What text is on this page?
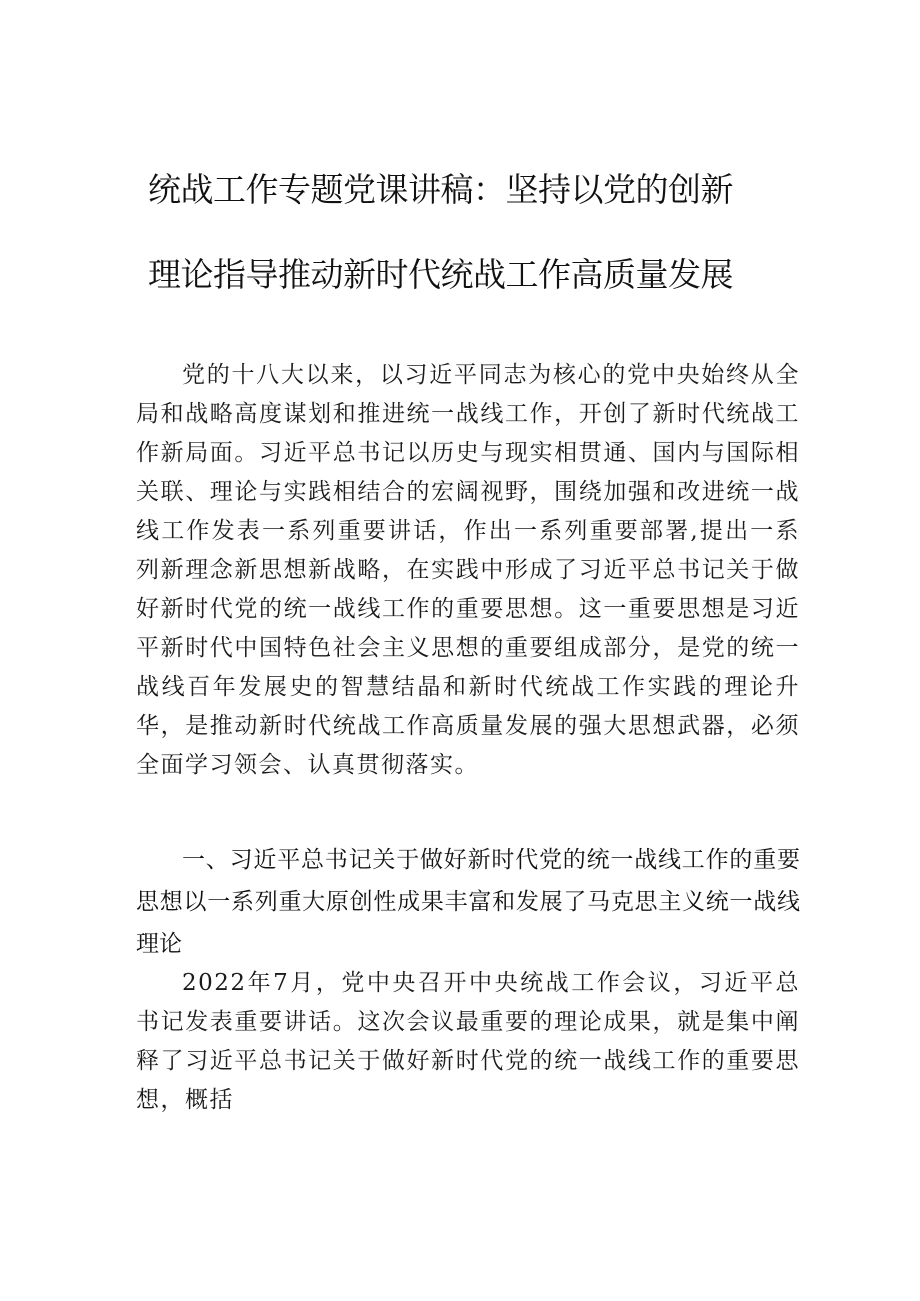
统战工作专题党课讲稿：坚持以党的创新
理论指导推动新时代统战工作高质量发展

党的十八大以来，以习近平同志为核心的党中央始终从全局和战略高度谋划和推进统一战线工作，开创了新时代统战工作新局面。习近平总书记以历史与现实相贯通、国内与国际相关联、理论与实践相结合的宏阔视野，围绕加强和改进统一战线工作发表一系列重要讲话，作出一系列重要部署,提出一系列新理念新思想新战略，在实践中形成了习近平总书记关于做好新时代党的统一战线工作的重要思想。这一重要思想是习近平新时代中国特色社会主义思想的重要组成部分，是党的统一战线百年发展史的智慧结晶和新时代统战工作实践的理论升华，是推动新时代统战工作高质量发展的强大思想武器，必须全面学习领会、认真贯彻落实。

一、习近平总书记关于做好新时代党的统一战线工作的重要思想以一系列重大原创性成果丰富和发展了马克思主义统一战线理论

2022年7月，党中央召开中央统战工作会议，习近平总书记发表重要讲话。这次会议最重要的理论成果，就是集中阐释了习近平总书记关于做好新时代党的统一战线工作的重要思想，概括
